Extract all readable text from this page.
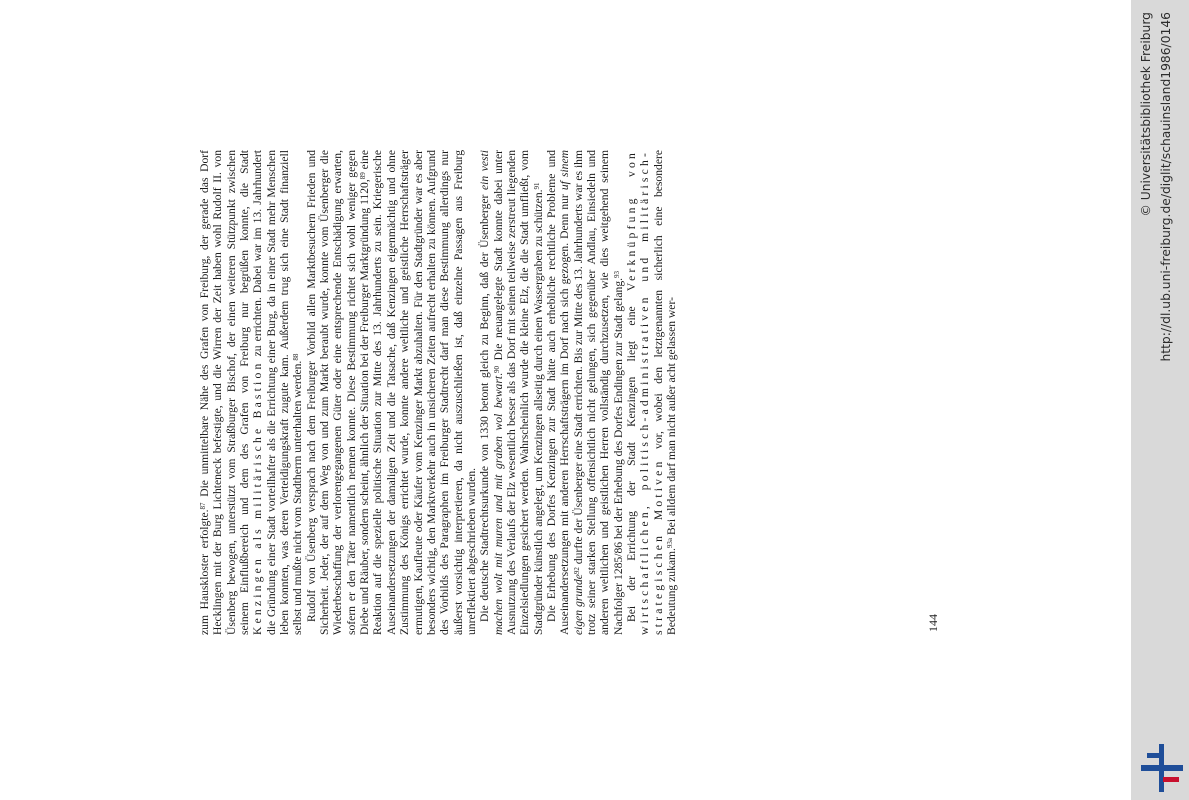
zum Hauskloster erfolgte.$^{87}$ Die unmittelbare Nähe des Grafen von Freiburg, der gerade das Dorf Hecklingen mit der Burg Lichteneck befestigte, und die Wirren der Zeit haben wohl Rudolf II. von Üsenberg bewogen, unterstützt vom Straßburger Bischof, der einen weiteren Stützpunkt zwischen seinem Einflußbereich und dem des Grafen von Freiburg nur begrüßen konnte, die Stadt Kenzingen als militärische Bastion zu errichten. Dabei war im 13. Jahrhundert die Gründung einer Stadt vorteilhafter als die Errichtung einer Burg, da in einer Stadt mehr Menschen leben konnten, was deren Verteidigungskraft zugute kam. Außerdem trug sich eine Stadt finanziell selbst und mußte nicht vom Stadtherrn unterhalten werden.$^{88}$ Rudolf von Üsenberg versprach nach dem Freiburger Vorbild allen Marktbesuchern Frieden und Sicherheit. Jeder, der auf dem Weg von und zum Markt beraubt wurde, konnte vom Üsenberger die Wiederbeschaffung der verlorengegangenen Güter oder eine entsprechende Entschädigung erwarten, sofern er den Täter namentlich nennen konnte. Diese Bestimmung richtet sich wohl weniger gegen Diebe und Räuber, sondern scheint, ähnlich der Situation bei der Freiburger Marktgründung 1120,89 eine Reaktion auf die spezielle politische Situation zur Mitte des 13. Jahrhunderts zu sein. Kriegerische Auseinandersetzungen der damaligen Zeit und die Tatsache, daß Kenzingen eigenmächtig und ohne Zustimmung des Königs errichtet wurde, konnte andere weltliche und geistliche Herrschaftsträger ermutigen, Kaufleute oder Käufer vom Kenzinger Markt abzuhalten. Für den Stadtgründer war es aber besonders wichtig, den Marktverkehr auch in unsicheren Zeiten aufrecht erhalten zu können. Aufgrund des Vorbilds des Paragraphen im Freiburger Stadtrecht darf man diese Bestimmung allerdings nur äußerst vorsichtig interpretieren, da nicht auszuschließen ist, daß einzelne Passagen aus Freiburg unreflektiert abgeschrieben wurden. Die deutsche Stadtrechtsurkunde von 1330 betont gleich zu Beginn, daß der Üsenberger ein vesti machen wolt mit muren und mit graben wol bewart.$^{90}$ Die neuangelegte Stadt konnte dabei unter Ausnutzung des Verlaufs der Elz wesentlich besser als das Dorf mit seinen teilweise zerstreut liegenden Einzelsiedlungen gesichert werden. Wahrscheinlich wurde die kleine Elz, die die Stadt umfließt, vom Stadtgründer künstlich angelegt, um Kenzingen allseitig durch einen Wassergraben zu schützen.$^{91}$ Die Erhebung des Dorfes Kenzingen zur Stadt hätte auch erhebliche rechtliche Probleme und Auseinandersetzungen mit anderen Herrschaftsträgern im Dorf nach sich gezogen. Denn nur uf sinem eigen grunde$^{92}$ durfte der Üsenberger eine Stadt errichten. Bis zur Mitte des 13. Jahrhunderts war es ihm trotz seiner starken Stellung offensichtlich nicht gelungen, sich gegenüber Andlau, Einsiedeln und anderen weltlichen und geistlichen Herren vollständig durchzusetzen, wie dies weitgehend seinem Nachfolger 1285/86 bei der Erhebung des Dorfes Endingen zur Stadt gelang.$^{93}$

Bei der Errichtung der Stadt Kenzingen liegt eine Verknüpfung von wirtschaftlichen, politisch-administrativen und militärisch-strategischen Motiven vor, wobei den letztgenannten sicherlich eine besondere Bedeutung zukam.$^{93a}$ Bei alldem darf man nicht außer acht gelassen wer-

144
© Universitätsbibliothek Freiburg http://dl.ub.uni-freiburg.de/diglit/schauinsland1986/0146
